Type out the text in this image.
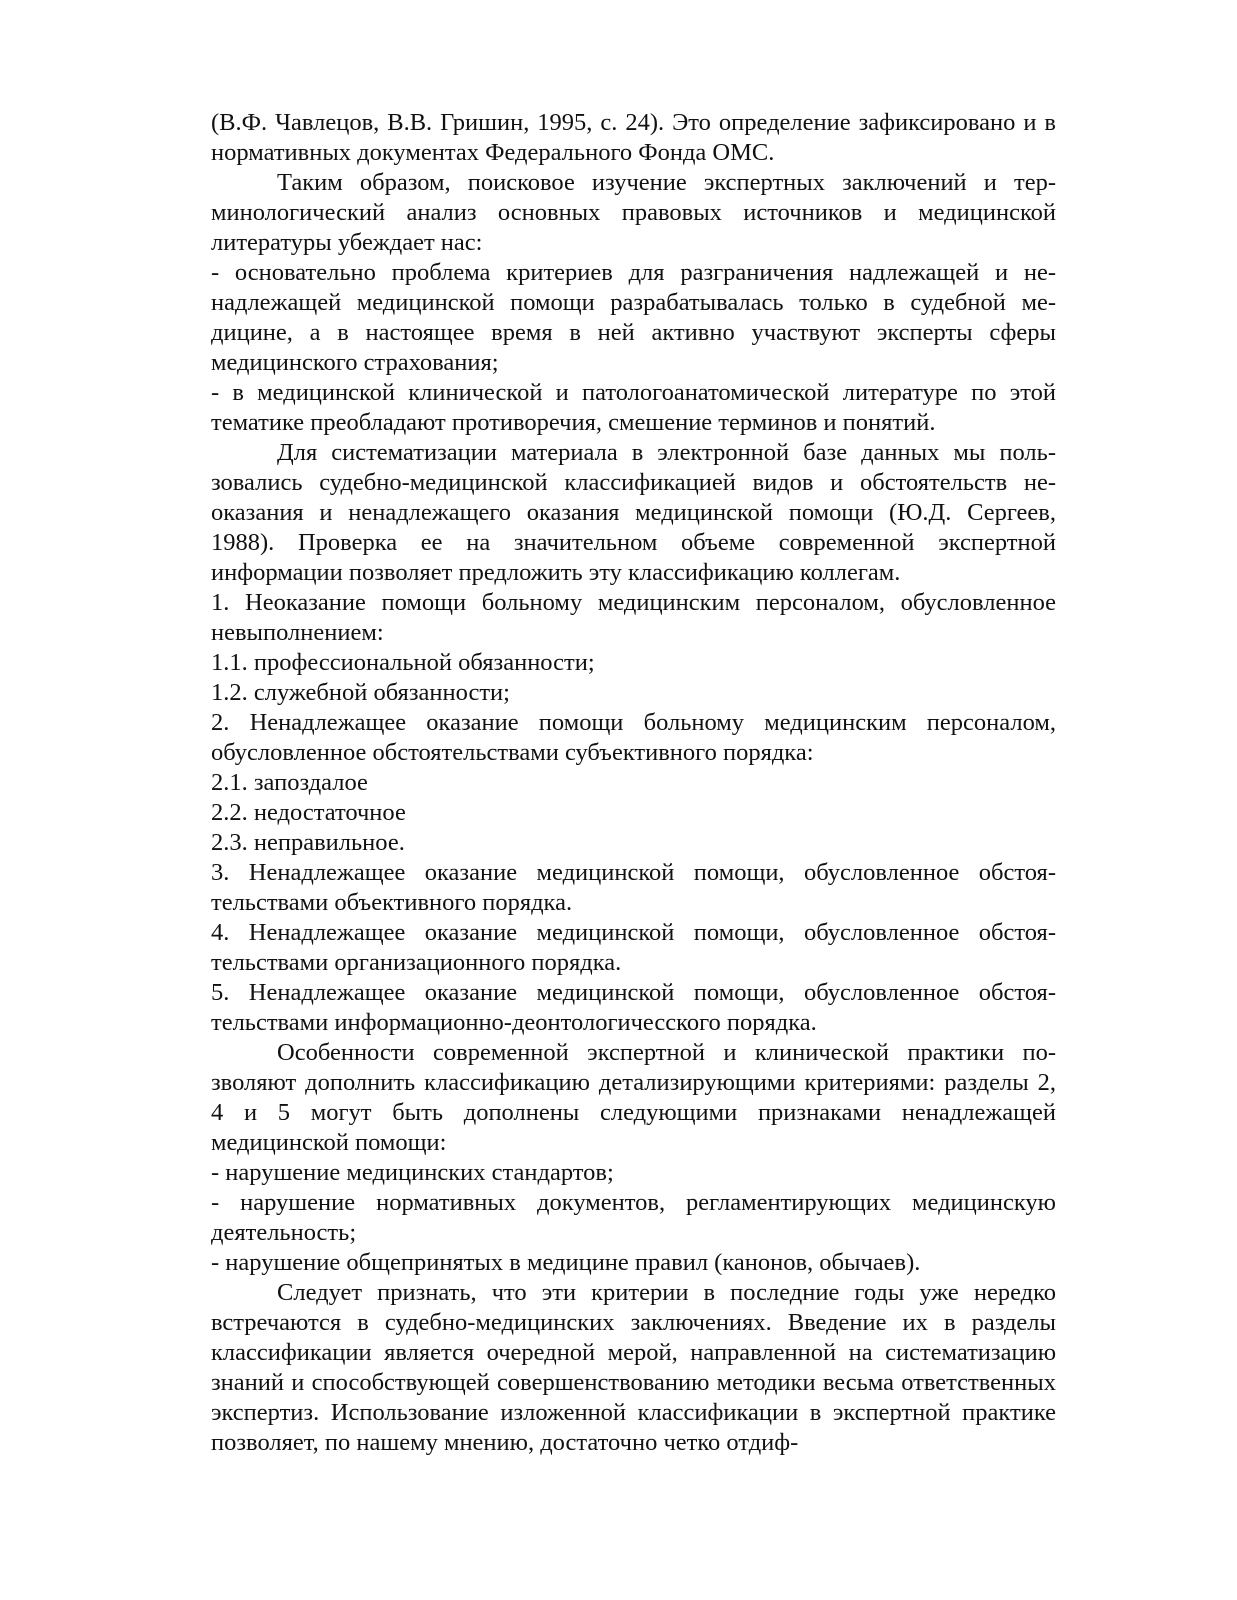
(В.Ф. Чавлецов, В.В. Гришин, 1995, с. 24). Это определение зафиксировано и в нормативных документах Федерального Фонда ОМС.

Таким образом, поисковое изучение экспертных заключений и терминологический анализ основных правовых источников и медицинской литературы убеждает нас:

- основательно проблема критериев для разграничения надлежащей и ненадлежащей медицинской помощи разрабатывалась только в судебной медицине, а в настоящее время в ней активно участвуют эксперты сферы медицинского страхования;

- в медицинской клинической и патологоанатомической литературе по этой тематике преобладают противоречия, смешение терминов и понятий.

Для систематизации материала в электронной базе данных мы пользовались судебно-медицинской классификацией видов и обстоятельств неоказания и ненадлежащего оказания медицинской помощи (Ю.Д. Сергеев, 1988). Проверка ее на значительном объеме современной экспертной информации позволяет предложить эту классификацию коллегам.

1. Неоказание помощи больному медицинским персоналом, обусловленное невыполнением:

1.1. профессиональной обязанности;

1.2. служебной обязанности;

2. Ненадлежащее оказание помощи больному медицинским персоналом, обусловленное обстоятельствами субъективного порядка:

2.1. запоздалое

2.2. недостаточное

2.3. неправильное.

3. Ненадлежащее оказание медицинской помощи, обусловленное обстоятельствами объективного порядка.

4. Ненадлежащее оказание медицинской помощи, обусловленное обстоятельствами организационного порядка.

5. Ненадлежащее оказание медицинской помощи, обусловленное обстоятельствами информационно-деонтологичесского порядка.

Особенности современной экспертной и клинической практики позволяют дополнить классификацию детализирующими критериями: разделы 2, 4 и 5 могут быть дополнены следующими признаками ненадлежащей медицинской помощи:

- нарушение медицинских стандартов;

- нарушение нормативных документов, регламентирующих медицинскую деятельность;

- нарушение общепринятых в медицине правил (канонов, обычаев).

Следует признать, что эти критерии в последние годы уже нередко встречаются в судебно-медицинских заключениях. Введение их в разделы классификации является очередной мерой, направленной на систематизацию знаний и способствующей совершенствованию методики весьма ответственных экспертиз. Использование изложенной классификации в экспертной практике позволяет, по нашему мнению, достаточно четко отдиф-
